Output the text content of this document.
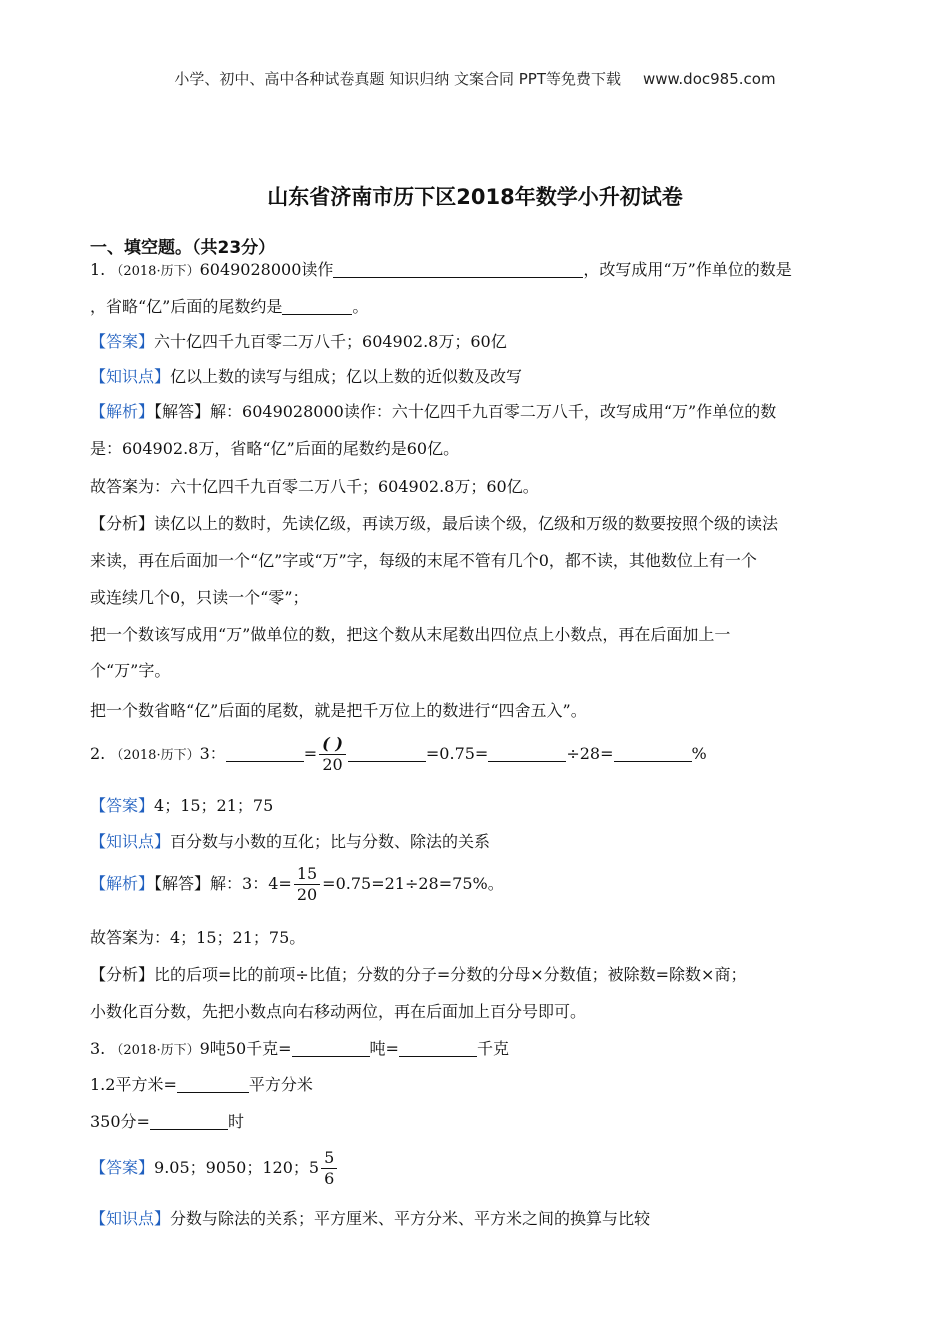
小学、初中、高中各种试卷真题 知识归纳 文案合同 PPT等免费下载 www.doc985.com
山东省济南市历下区2018年数学小升初试卷
一、填空题。（共23分）
1. （2018·历下）6049028000读作	，改写成用“万”作单位的数是
，省略“亿”后面的尾数约是	。
【答案】六十亿四千九百零二万八千；604902.8万；60亿
【知识点】亿以上数的读写与组成；亿以上数的近似数及改写
【解析】【解答】解：6049028000读作：六十亿四千九百零二万八千，改写成用“万”作单位的数
是：604902.8万，省略“亿”后面的尾数约是60亿。
故答案为：六十亿四千九百零二万八千；604902.8万；60亿。
【分析】读亿以上的数时，先读亿级，再读万级，最后读个级，亿级和万级的数要按照个级的读法
来读，再在后面加一个“亿”字或“万”字，每级的末尾不管有几个0，都不读，其他数位上有一个
或连续几个0，只读一个“零”；
把一个数该写成用“万”做单位的数，把这个数从末尾数出四位点上小数点，再在后面加上一
个“万”字。
把一个数省略“亿”后面的尾数，就是把千万位上的数进行“四舍五入”。
2. （2018·历下）3：	= $\frac{( )}{20}$	=0.75=	÷28=	%
【答案】4；15；21；75
【知识点】百分数与小数的互化；比与分数、除法的关系
【解析】【解答】解：3：$4= \frac{15}{20} =0.75=21\div 28=75\%$。
故答案为：4；15；21；75。
【分析】比的后项=比的前项÷比值；分数的分子=分数的分母×分数值；被除数=除数×商；
小数化百分数，先把小数点向右移动两位，再在后面加上百分号即可。
3. （2018·历下）9吨50千克=	吨=	千克
1.2平方米=	平方分米
350分=	时
【答案】9.05；9050；120；$5 \frac{5}{6}$
【知识点】分数与除法的关系；平方厘米、平方分米、平方米之间的换算与比较
